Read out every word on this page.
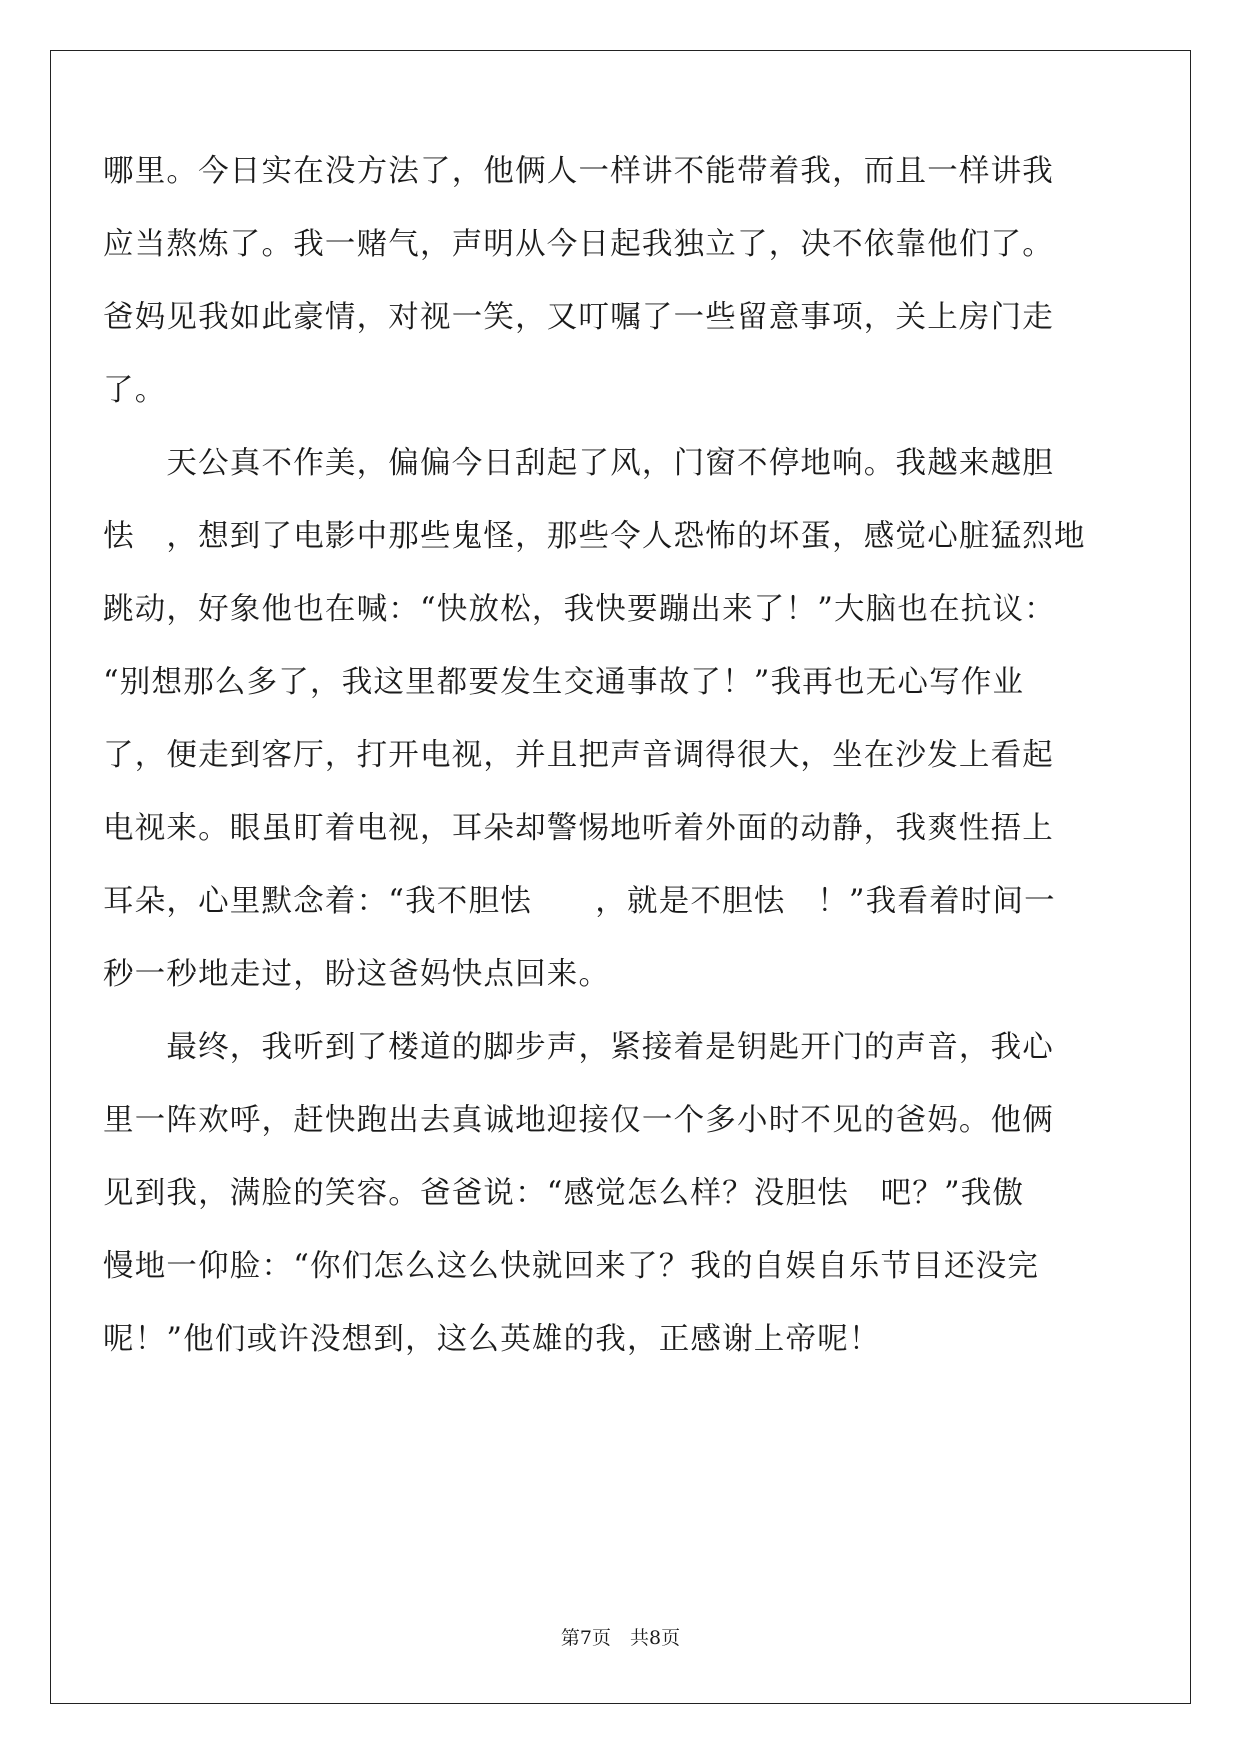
哪里。今日实在没方法了，他俩人一样讲不能带着我，而且一样讲我
应当熬炼了。我一赌气，声明从今日起我独立了，决不依靠他们了。
爸妈见我如此豪情，对视一笑，又叮嘱了一些留意事项，关上房门走
了。
　　天公真不作美，偏偏今日刮起了风，门窗不停地响。我越来越胆
怯　，想到了电影中那些鬼怪，那些令人恐怖的坏蛋，感觉心脏猛烈地
跳动，好象他也在喊：“快放松，我快要蹦出来了！”大脑也在抗议：
“别想那么多了，我这里都要发生交通事故了！”我再也无心写作业
了，便走到客厅，打开电视，并且把声音调得很大，坐在沙发上看起
电视来。眼虽盯着电视，耳朵却警惕地听着外面的动静，我爽性捂上
耳朵，心里默念着：“我不胆怯　　，就是不胆怯　！”我看着时间一
秒一秒地走过，盼这爸妈快点回来。
　　最终，我听到了楼道的脚步声，紧接着是钥匙开门的声音，我心
里一阵欢呼，赶快跑出去真诚地迎接仅一个多小时不见的爸妈。他俩
见到我，满脸的笑容。爸爸说：“感觉怎么样？没胆怯　吧？”我傲
慢地一仰脸：“你们怎么这么快就回来了？我的自娱自乐节目还没完
呢！”他们或许没想到，这么英雄的我，正感谢上帝呢！
第7页　共8页
